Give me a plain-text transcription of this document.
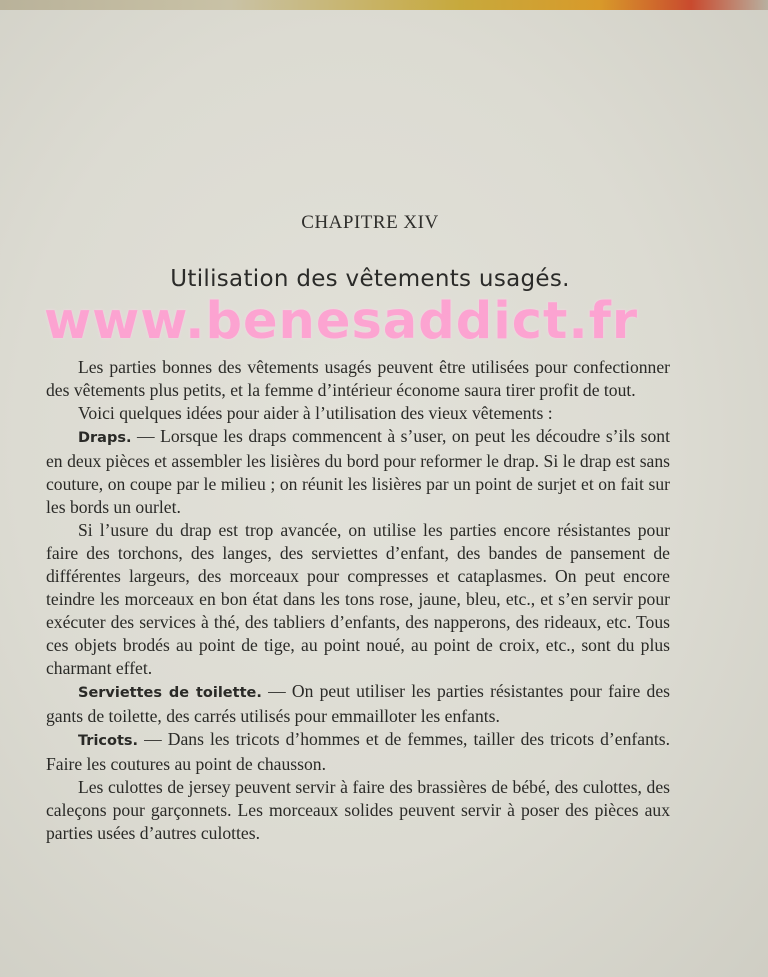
CHAPITRE XIV
Utilisation des vêtements usagés.
www.benesaddict.fr

Les parties bonnes des vêtements usagés peuvent être utilisées pour confectionner des vêtements plus petits, et la femme d’intérieur économe saura tirer profit de tout.

Voici quelques idées pour aider à l’utilisation des vieux vêtements :

Draps. — Lorsque les draps commencent à s’user, on peut les découdre s’ils sont en deux pièces et assembler les lisières du bord pour reformer le drap. Si le drap est sans couture, on coupe par le milieu ; on réunit les lisières par un point de surjet et on fait sur les bords un ourlet.

Si l’usure du drap est trop avancée, on utilise les parties encore résistantes pour faire des torchons, des langes, des serviettes d’enfant, des bandes de pansement de différentes largeurs, des morceaux pour compresses et cataplasmes. On peut encore teindre les morceaux en bon état dans les tons rose, jaune, bleu, etc., et s’en servir pour exécuter des services à thé, des tabliers d’enfants, des napperons, des rideaux, etc. Tous ces objets brodés au point de tige, au point noué, au point de croix, etc., sont du plus charmant effet.

Serviettes de toilette. — On peut utiliser les parties résistantes pour faire des gants de toilette, des carrés utilisés pour emmailloter les enfants.

Tricots. — Dans les tricots d’hommes et de femmes, tailler des tricots d’enfants. Faire les coutures au point de chausson.

Les culottes de jersey peuvent servir à faire des brassières de bébé, des culottes, des caleçons pour garçonnets. Les morceaux solides peuvent servir à poser des pièces aux parties usées d’autres culottes.
